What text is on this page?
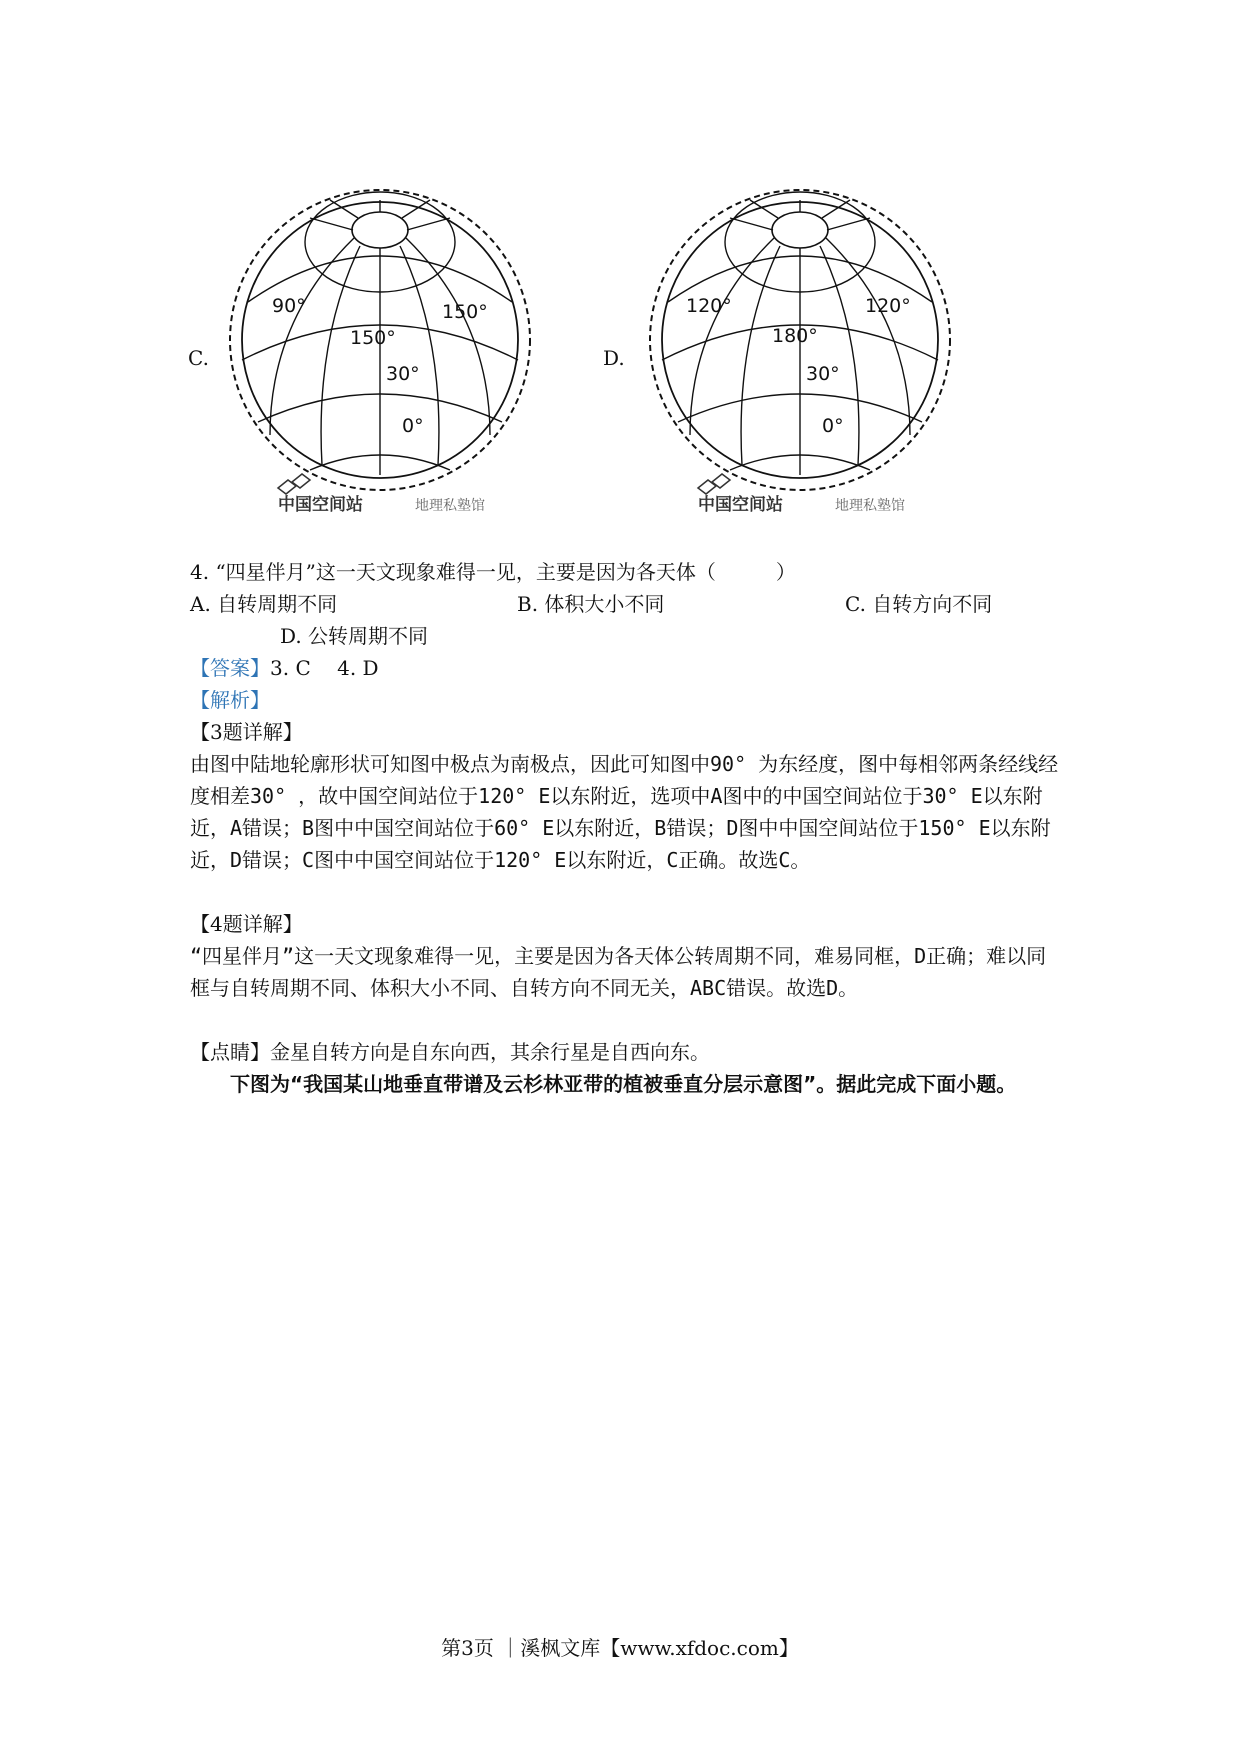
C.
90°
150°
150°
30°
0°
中国空间站	地理私塾馆
D.
120°
180°
120°
30°
0°
中国空间站	地理私塾馆
4. “四星伴月”这一天文现象难得一见，主要是因为各天体（　　　）
A. 自转周期不同	B. 体积大小不同	C. 自转方向不同
D. 公转周期不同
【答案】3. C　 4. D
【解析】
【3题详解】
由图中陆地轮廓形状可知图中极点为南极点，因此可知图中90° 为东经度，图中每相邻两条经线经度相差30° ，故中国空间站位于120° E以东附近，选项中A图中的中国空间站位于30° E以东附近，A错误；B图中中国空间站位于60° E以东附近，B错误；D图中中国空间站位于150° E以东附近，D错误；C图中中国空间站位于120° E以东附近，C正确。故选C。
【4题详解】
“四星伴月”这一天文现象难得一见，主要是因为各天体公转周期不同，难易同框，D正确；难以同框与自转周期不同、体积大小不同、自转方向不同无关，ABC错误。故选D。
【点睛】金星自转方向是自东向西，其余行星是自西向东。
下图为“我国某山地垂直带谱及云杉林亚带的植被垂直分层示意图”。据此完成下面小题。
第3页 ｜溪枫文库【www.xfdoc.com】
